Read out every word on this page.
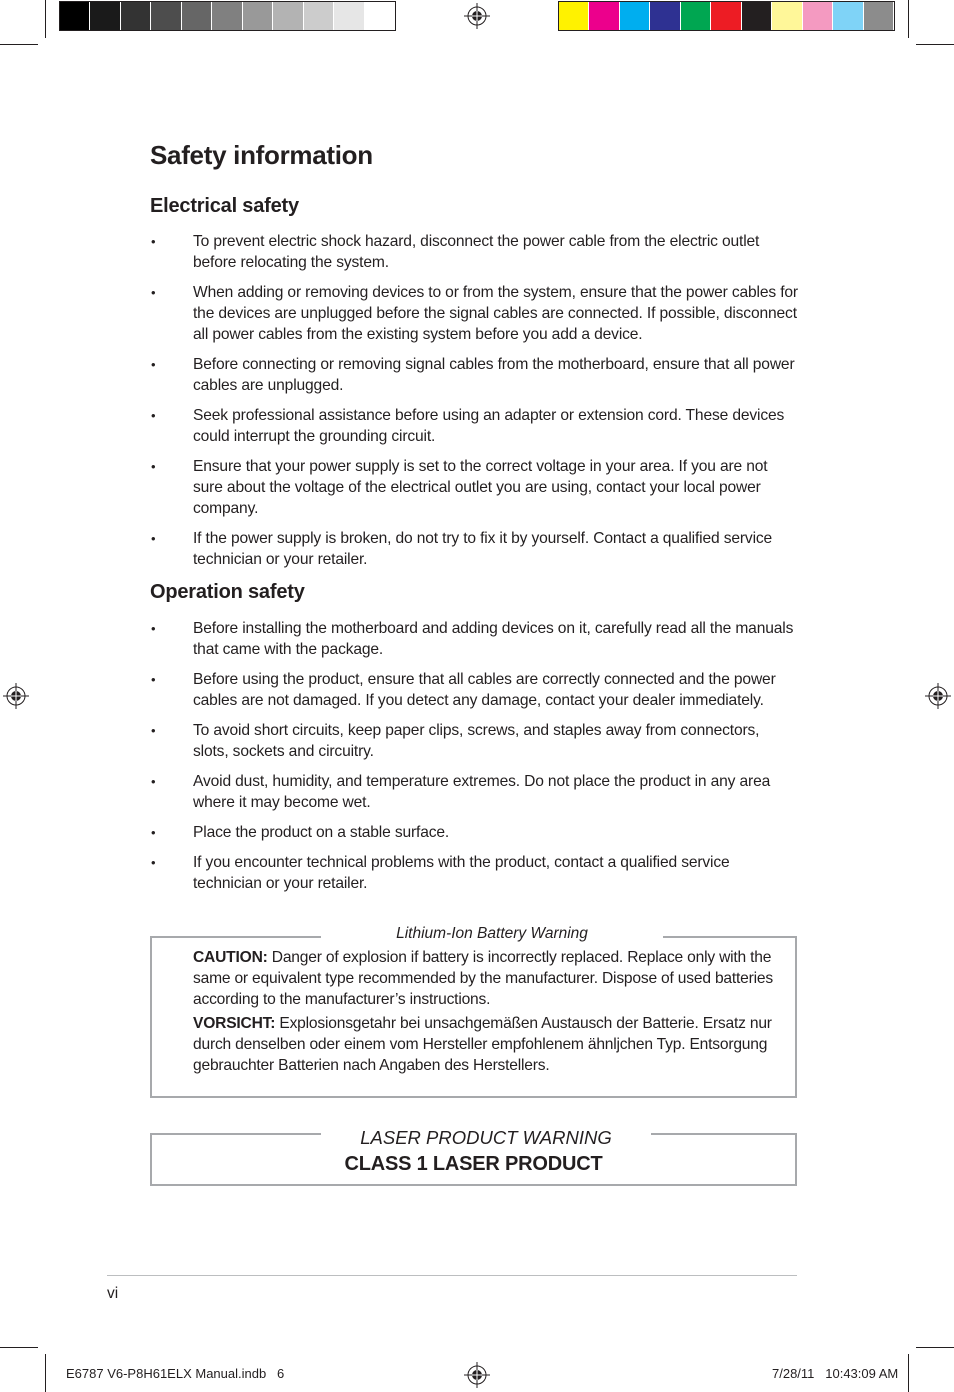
Safety information
Electrical safety
• To prevent electric shock hazard, disconnect the power cable from the electric outlet before relocating the system.
• When adding or removing devices to or from the system, ensure that the power cables for the devices are unplugged before the signal cables are connected. If possible, disconnect all power cables from the existing system before you add a device.
• Before connecting or removing signal cables from the motherboard, ensure that all power cables are unplugged.
• Seek professional assistance before using an adapter or extension cord. These devices could interrupt the grounding circuit.
• Ensure that your power supply is set to the correct voltage in your area. If you are not sure about the voltage of the electrical outlet you are using, contact your local power company.
• If the power supply is broken, do not try to fix it by yourself. Contact a qualified service technician or your retailer.
Operation safety
• Before installing the motherboard and adding devices on it, carefully read all the manuals that came with the package.
• Before using the product, ensure that all cables are correctly connected and the power cables are not damaged. If you detect any damage, contact your dealer immediately.
• To avoid short circuits, keep paper clips, screws, and staples away from connectors, slots, sockets and circuitry.
• Avoid dust, humidity, and temperature extremes. Do not place the product in any area where it may become wet.
• Place the product on a stable surface.
• If you encounter technical problems with the product, contact a qualified service technician or your retailer.
Lithium-Ion Battery Warning
CAUTION: Danger of explosion if battery is incorrectly replaced. Replace only with the same or equivalent type recommended by the manufacturer. Dispose of used batteries according to the manufacturer’s instructions.
VORSICHT: Explosionsgetahr bei unsachgemäßen Austausch der Batterie. Ersatz nur durch denselben oder einem vom Hersteller empfohlenem ähnljchen Typ. Entsorgung gebrauchter Batterien nach Angaben des Herstellers.
LASER PRODUCT WARNING
CLASS 1 LASER PRODUCT
vi
E6787 V6-P8H61ELX Manual.indb   6	7/28/11   10:43:09 AM
